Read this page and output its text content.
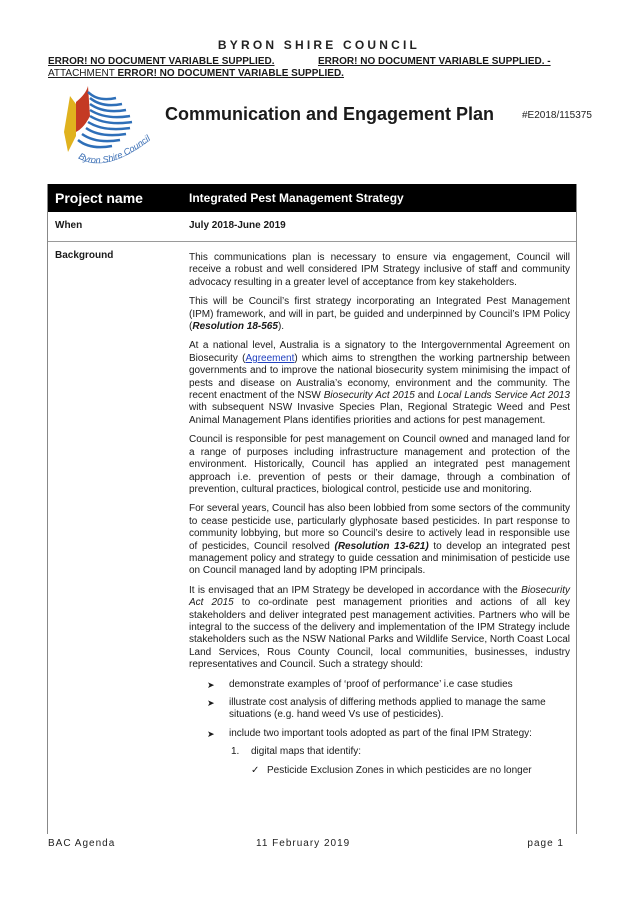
BYRON SHIRE COUNCIL
ERROR! NO DOCUMENT VARIABLE SUPPLIED.	ERROR! NO DOCUMENT VARIABLE SUPPLIED. -
ATTACHMENT ERROR! NO DOCUMENT VARIABLE SUPPLIED.
Byron Shire Council
Communication and Engagement Plan	#E2018/115375
Project name	Integrated Pest Management Strategy
When	July 2018-June 2019
Background	This communications plan is necessary to ensure via engagement, Council will receive a robust and well considered IPM Strategy inclusive of staff and community advocacy resulting in a greater level of acceptance from key stakeholders.

This will be Council’s first strategy incorporating an Integrated Pest Management (IPM) framework, and will in part, be guided and underpinned by Council’s IPM Policy (Resolution 18-565).

At a national level, Australia is a signatory to the Intergovernmental Agreement on Biosecurity (Agreement) which aims to strengthen the working partnership between governments and to improve the national biosecurity system minimising the impact of pests and disease on Australia’s economy, environment and the community. The recent enactment of the NSW Biosecurity Act 2015 and Local Lands Service Act 2013 with subsequent NSW Invasive Species Plan, Regional Strategic Weed and Pest Animal Management Plans identifies priorities and actions for pest management.

Council is responsible for pest management on Council owned and managed land for a range of purposes including infrastructure management and protection of the environment. Historically, Council has applied an integrated pest management approach i.e. prevention of pests or their damage, through a combination of prevention, cultural practices, biological control, pesticide use and monitoring.

For several years, Council has also been lobbied from some sectors of the community to cease pesticide use, particularly glyphosate based pesticides. In part response to community lobbying, but more so Council’s desire to actively lead in responsible use of pesticides, Council resolved (Resolution 13-621) to develop an integrated pest management policy and strategy to guide cessation and minimisation of pesticide use on Council managed land by adopting IPM principals.

It is envisaged that an IPM Strategy be developed in accordance with the Biosecurity Act 2015 to co-ordinate pest management priorities and actions of all key stakeholders and deliver integrated pest management activities. Partners who will be integral to the success of the delivery and implementation of the IPM Strategy include stakeholders such as the NSW National Parks and Wildlife Service, North Coast Local Land Services, Rous County Council, local communities, businesses, industry representatives and Council. Such a strategy should:

➤ demonstrate examples of ‘proof of performance’ i.e case studies
➤ illustrate cost analysis of differing methods applied to manage the same situations (e.g. hand weed Vs use of pesticides).
➤ include two important tools adopted as part of the final IPM Strategy:
1. digital maps that identify:
✓ Pesticide Exclusion Zones in which pesticides are no longer
BAC Agenda	11 February 2019	page 1
